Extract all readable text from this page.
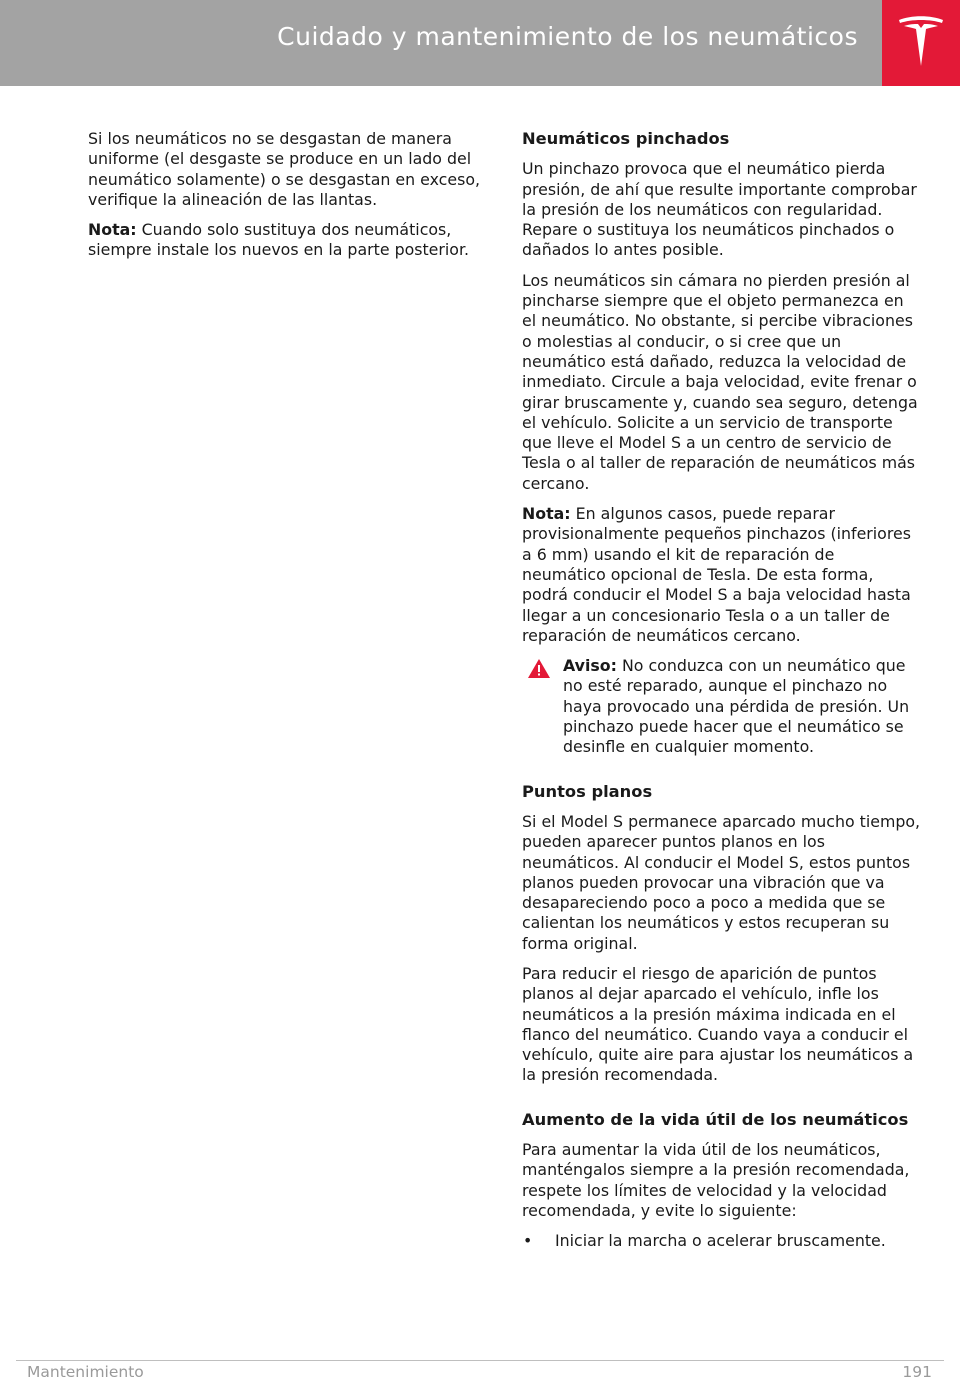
Cuidado y mantenimiento de los neumáticos

Si los neumáticos no se desgastan de manera uniforme (el desgaste se produce en un lado del neumático solamente) o se desgastan en exceso, verifique la alineación de las llantas.

Nota: Cuando solo sustituya dos neumáticos, siempre instale los nuevos en la parte posterior.

Neumáticos pinchados

Un pinchazo provoca que el neumático pierda presión, de ahí que resulte importante comprobar la presión de los neumáticos con regularidad. Repare o sustituya los neumáticos pinchados o dañados lo antes posible.

Los neumáticos sin cámara no pierden presión al pincharse siempre que el objeto permanezca en el neumático. No obstante, si percibe vibraciones o molestias al conducir, o si cree que un neumático está dañado, reduzca la velocidad de inmediato. Circule a baja velocidad, evite frenar o girar bruscamente y, cuando sea seguro, detenga el vehículo. Solicite a un servicio de transporte que lleve el Model S a un centro de servicio de Tesla o al taller de reparación de neumáticos más cercano.

Nota: En algunos casos, puede reparar provisionalmente pequeños pinchazos (inferiores a 6 mm) usando el kit de reparación de neumático opcional de Tesla. De esta forma, podrá conducir el Model S a baja velocidad hasta llegar a un concesionario Tesla o a un taller de reparación de neumáticos cercano.

Aviso: No conduzca con un neumático que no esté reparado, aunque el pinchazo no haya provocado una pérdida de presión. Un pinchazo puede hacer que el neumático se desinfle en cualquier momento.
Puntos planos

Si el Model S permanece aparcado mucho tiempo, pueden aparecer puntos planos en los neumáticos. Al conducir el Model S, estos puntos planos pueden provocar una vibración que va desapareciendo poco a poco a medida que se calientan los neumáticos y estos recuperan su forma original.

Para reducir el riesgo de aparición de puntos planos al dejar aparcado el vehículo, infle los neumáticos a la presión máxima indicada en el flanco del neumático. Cuando vaya a conducir el vehículo, quite aire para ajustar los neumáticos a la presión recomendada.

Aumento de la vida útil de los neumáticos

Para aumentar la vida útil de los neumáticos, manténgalos siempre a la presión recomendada, respete los límites de velocidad y la velocidad recomendada, y evite lo siguiente:

• Iniciar la marcha o acelerar bruscamente.

Mantenimiento	191
